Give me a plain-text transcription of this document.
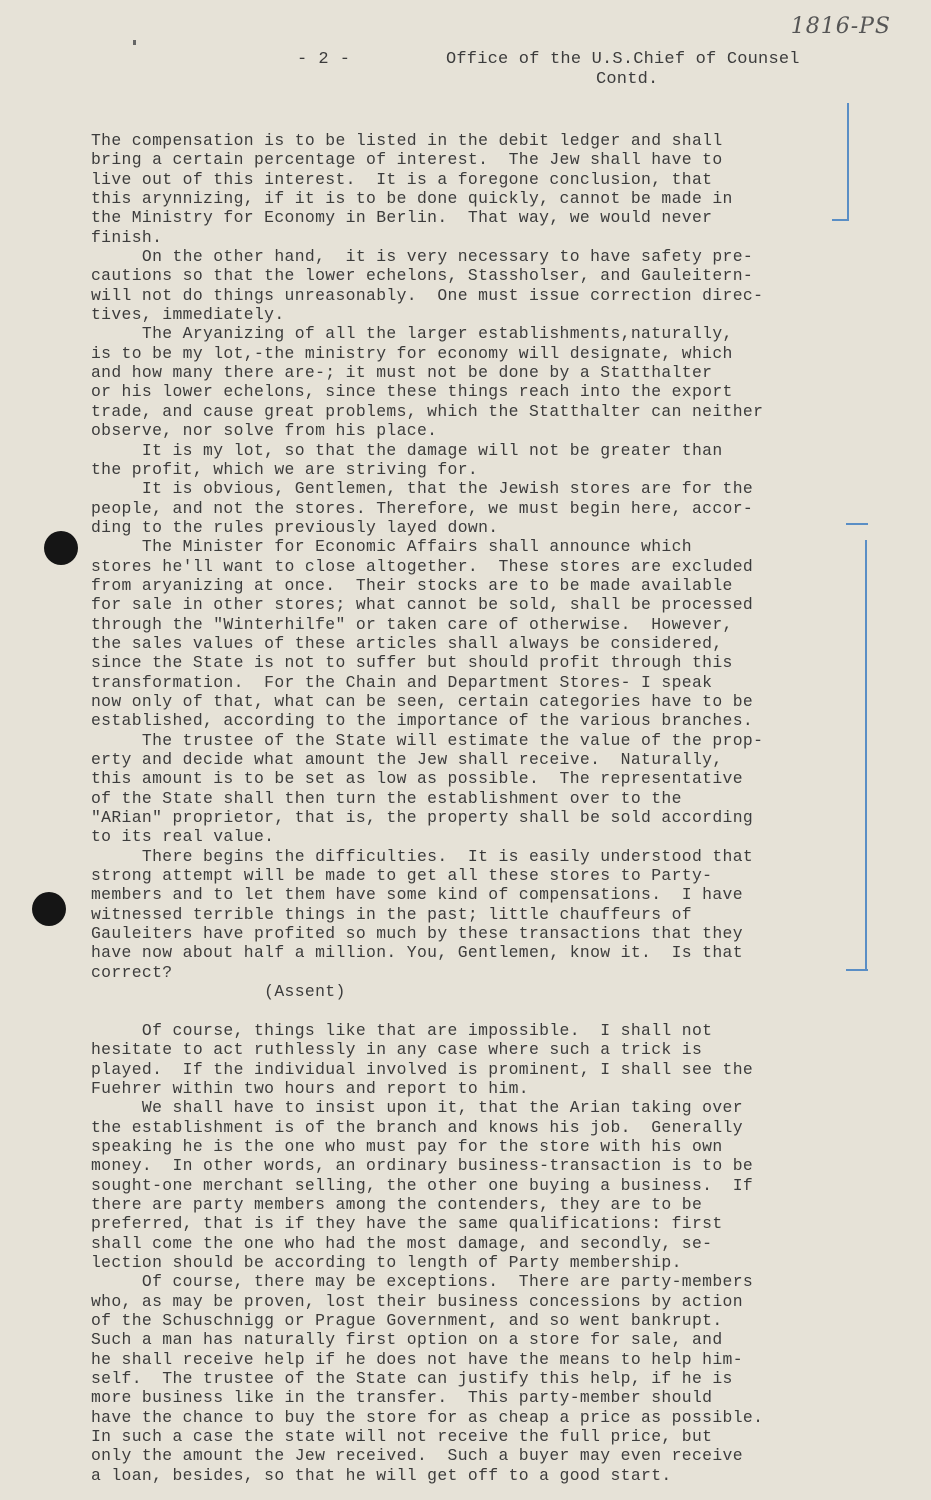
1816-PS
- 2 -	Office of the U.S.Chief of Counsel
Contd.
The compensation is to be listed in the debit ledger and shall
bring a certain percentage of interest.  The Jew shall have to
live out of this interest.  It is a foregone conclusion, that
this arynnizing, if it is to be done quickly, cannot be made in
the Ministry for Economy in Berlin.  That way, we would never
finish.
On the other hand,  it is very necessary to have safety pre-
cautions so that the lower echelons, Stassholser, and Gauleitern-
will not do things unreasonably.  One must issue correction direc-
tives, immediately.
The Aryanizing of all the larger establishments,naturally,
is to be my lot,-the ministry for economy will designate, which
and how many there are-; it must not be done by a Statthalter
or his lower echelons, since these things reach into the export
trade, and cause great problems, which the Statthalter can neither
observe, nor solve from his place.
It is my lot, so that the damage will not be greater than
the profit, which we are striving for.
It is obvious, Gentlemen, that the Jewish stores are for the
people, and not the stores. Therefore, we must begin here, accor-
ding to the rules previously layed down.
The Minister for Economic Affairs shall announce which
stores he'll want to close altogether.  These stores are excluded
from aryanizing at once.  Their stocks are to be made available
for sale in other stores; what cannot be sold, shall be processed
through the "Winterhilfe" or taken care of otherwise.  However,
the sales values of these articles shall always be considered,
since the State is not to suffer but should profit through this
transformation.  For the Chain and Department Stores- I speak
now only of that, what can be seen, certain categories have to be
established, according to the importance of the various branches.
The trustee of the State will estimate the value of the prop-
erty and decide what amount the Jew shall receive.  Naturally,
this amount is to be set as low as possible.  The representative
of the State shall then turn the establishment over to the
"ARian" proprietor, that is, the property shall be sold according
to its real value.
There begins the difficulties.  It is easily understood that
strong attempt will be made to get all these stores to Party-
members and to let them have some kind of compensations.  I have
witnessed terrible things in the past; little chauffeurs of
Gauleiters have profited so much by these transactions that they
have now about half a million. You, Gentlemen, know it.  Is that
correct?
(Assent)
Of course, things like that are impossible.  I shall not
hesitate to act ruthlessly in any case where such a trick is
played.  If the individual involved is prominent, I shall see the
Fuehrer within two hours and report to him.
We shall have to insist upon it, that the Arian taking over
the establishment is of the branch and knows his job.  Generally
speaking he is the one who must pay for the store with his own
money.  In other words, an ordinary business-transaction is to be
sought-one merchant selling, the other one buying a business.  If
there are party members among the contenders, they are to be
preferred, that is if they have the same qualifications: first
shall come the one who had the most damage, and secondly, se-
lection should be according to length of Party membership.
Of course, there may be exceptions.  There are party-members
who, as may be proven, lost their business concessions by action
of the Schuschnigg or Prague Government, and so went bankrupt.
Such a man has naturally first option on a store for sale, and
he shall receive help if he does not have the means to help him-
self.  The trustee of the State can justify this help, if he is
more business like in the transfer.  This party-member should
have the chance to buy the store for as cheap a price as possible.
In such a case the state will not receive the full price, but
only the amount the Jew received.  Such a buyer may even receive
a loan, besides, so that he will get off to a good start.
